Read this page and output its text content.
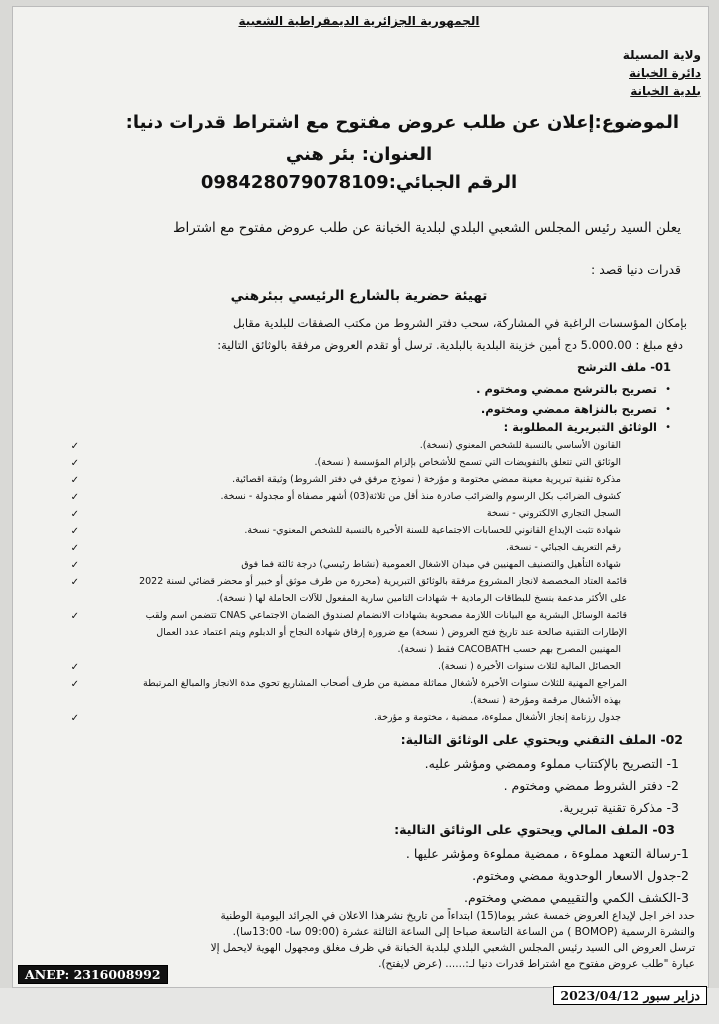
الجمهورية الجزائرية الديمقراطية الشعبية
ولاية المسيلة
دائرة الخبانة
بلدية الخبانة
الموضوع:إعلان عن طلب عروض مفتوح مع اشتراط قدرات دنيا:
العنوان: بئر هني
الرقم الجبائي:098428079078109
يعلن السيد رئيس المجلس الشعبي البلدي لبلدية الخبانة عن طلب عروض مفتوح مع اشتراط
قدرات دنيا قصد :
تهيئة حضرية بالشارع الرئيسي ببئرهني
بإمكان المؤسسات الراغبة في المشاركة، سحب دفتر الشروط من مكتب الصفقات للبلدية مقابل
دفع مبلغ : 5.000.00 دج أمين خزينة البلدية بالبلدية. ترسل أو تقدم العروض مرفقة بالوثائق التالية:
01- ملف الترشح
•
تصريح بالترشح ممضي ومختوم .
•
تصريح بالنزاهة ممضي ومختوم.
•
الوثائق التبريرية المطلوبة :
✓	القانون الأساسي بالنسبة للشخص المعنوي (نسخة).
✓	الوثائق التي تتعلق بالتفويضات التي تسمح للأشخاص بإلزام المؤسسة ( نسخة).
✓	مذكرة تقنية تبريرية معينة ممضي مختومة و مؤرخة ( نموذج مرفق في دفتر الشروط) وثيقة اقصائية.
✓	كشوف الضرائب بكل الرسوم والضرائب صادرة منذ أقل من ثلاثة(03) أشهر مصفاة أو مجدولة - نسخة.
✓	السجل التجاري الالكتروني - نسخة
✓	شهادة تثبت الإيداع القانوني للحسابات الاجتماعية للسنة الأخيرة بالنسبة للشخص المعنوي- نسخة.
✓	رقم التعريف الجبائي - نسخة.
✓	شهادة التأهيل والتصنيف المهنيين في ميدان الاشغال العمومية (نشاط رئيسي) درجة ثالثة فما فوق
✓	قائمة العتاد المخصصة لانجاز المشروع مرفقة بالوثائق التبريرية (محررة من طرف موثق أو خبير أو محضر قضائي لسنة 2022
على الأكثر مدعمة بنسخ للبطاقات الرمادية + شهادات التامين سارية المفعول للآلات الحاملة لها ( نسخة).
✓	قائمة الوسائل البشرية مع البيانات اللازمة مصحوبة بشهادات الانضمام لصندوق الضمان الاجتماعي CNAS تتضمن اسم ولقب
الإطارات التقنية صالحة عند تاريخ فتح العروض ( نسخة) مع ضرورة إرفاق شهادة النجاح أو الدبلوم ويتم اعتماد عدد العمال
المهنيين المصرح بهم حسب CACOBATH فقط ( نسخة).
✓	الحصائل المالية لثلاث سنوات الأخيرة ( نسخة).
✓	المراجع المهنية للثلاث سنوات الأخيرة لأشغال مماثلة ممضية من طرف أصحاب المشاريع تحوي مدة الانجاز والمبالغ المرتبطة
بهذه الأشغال مرقمة ومؤرخة ( نسخة).
✓	جدول رزنامة إنجاز الأشغال مملوءة، ممضية ، مختومة و مؤرخة.
02- الملف التقني ويحتوي على الوثائق التالية:
1- التصريح بالإكتتاب مملوء وممضي ومؤشر عليه.
2- دفتر الشروط ممضي ومختوم .
3- مذكرة تقنية تبريرية.
03- الملف المالي ويحتوي على الوثائق التالية:
1-رسالة التعهد مملوءة ، ممضية مملوءة ومؤشر عليها .
2-جدول الاسعار الوحدوية ممضي ومختوم.
3-الكشف الكمي والتقييمي ممضي ومختوم.
حدد اخر اجل لإيداع العروض خمسة عشر يوما(15) ابتداءاً من تاريخ نشرهذا الاعلان في الجرائد اليومية الوطنية
والنشرة الرسمية (BOMOP ) من الساعة التاسعة صباحا إلى الساعة الثالثة عشرة (09:00 سا- 13:00سا).
ترسل العروض الى السيد رئيس المجلس الشعبي البلدي لبلدية الخبانة في ظرف مغلق ومجهول الهوية لايحمل إلا
عبارة "طلب عروض مفتوح مع اشتراط قدرات دنيا لـ:...... (عرض لايفتح).
ANEP: 2316008992
دزاير سبور 2023/04/12
